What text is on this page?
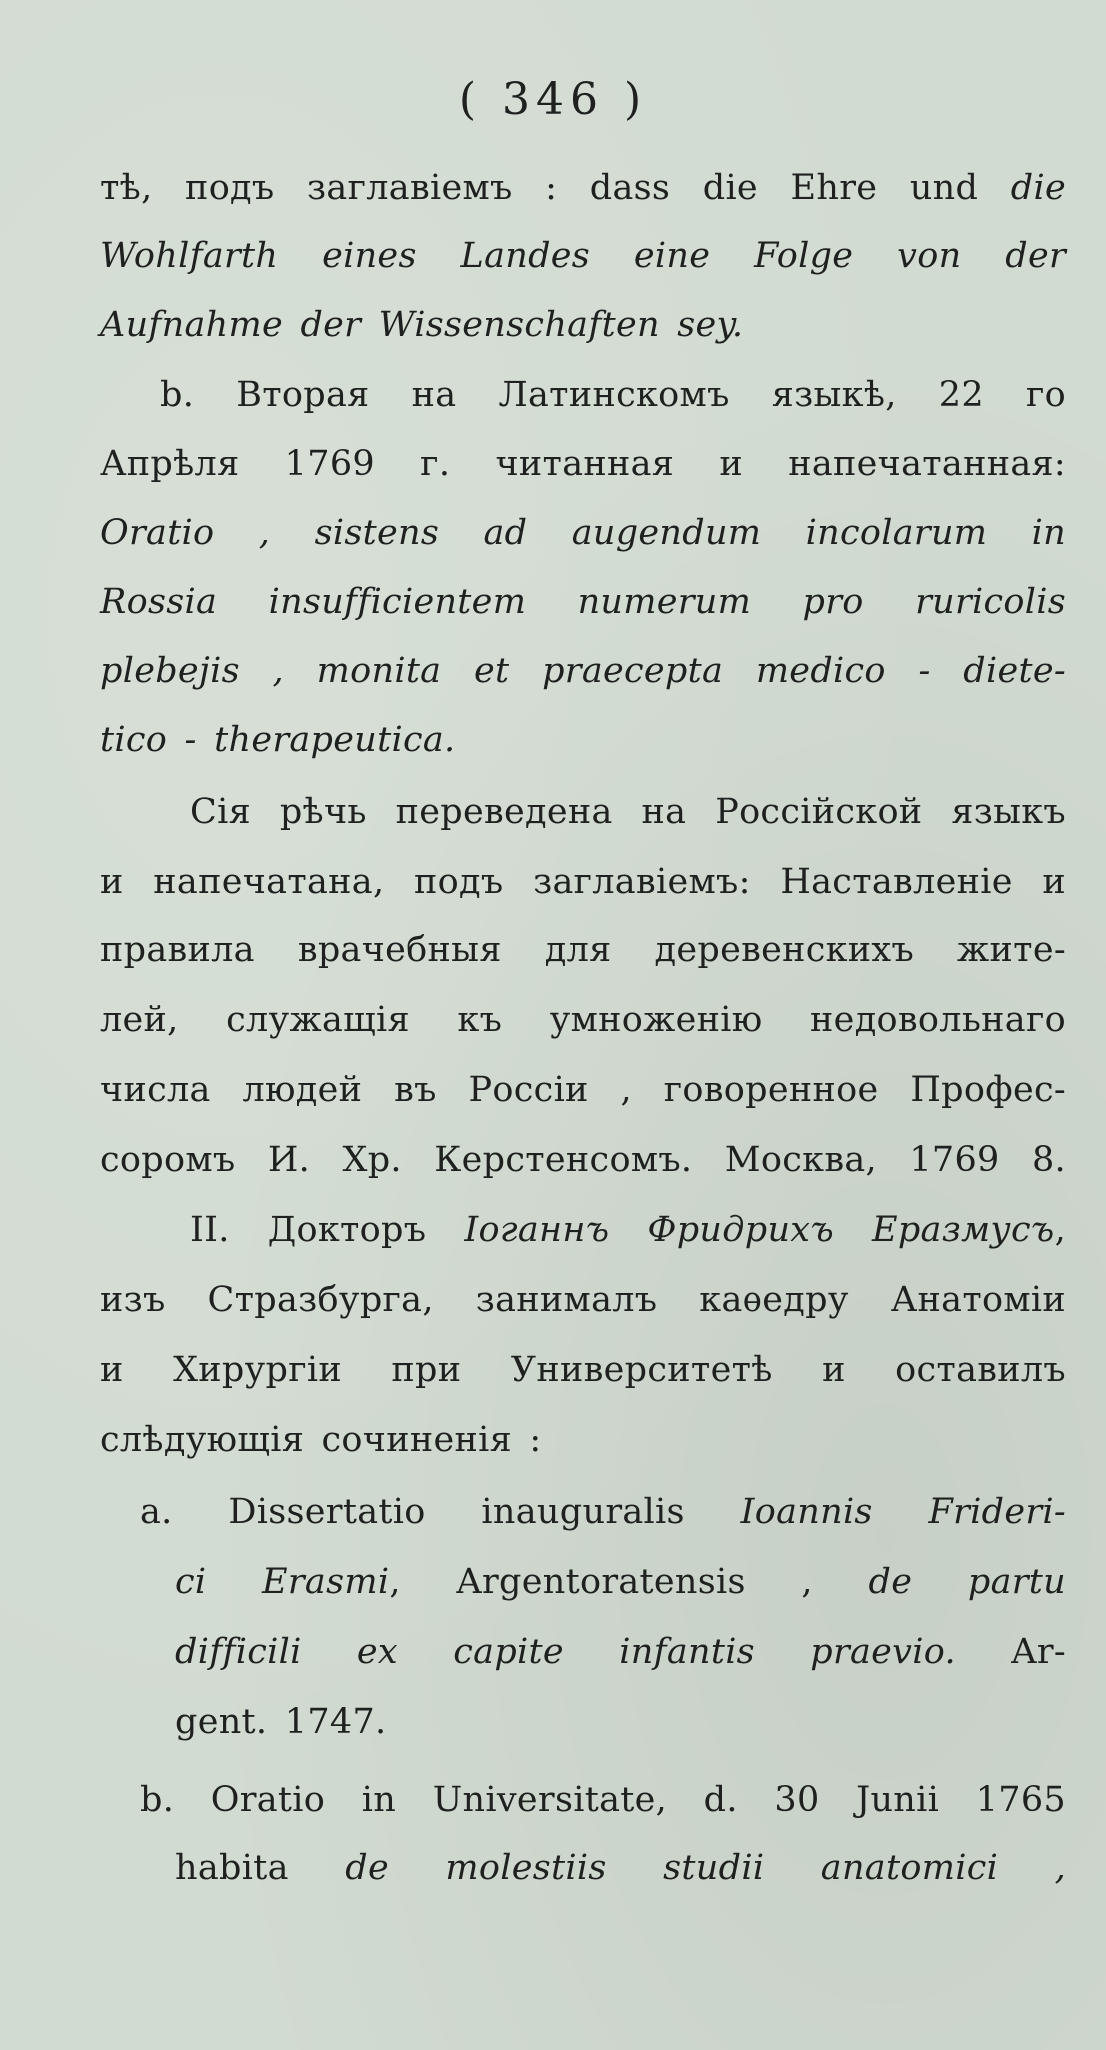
( 346 )
тѣ, подъ заглавіемъ : dass die Ehre und die
Wohlfarth eines Landes eine Folge von der
Aufnahme der Wissenschaften sey.
b. Вторая на Латинскомъ языкѣ, 22 го
Апрѣля 1769 г. читанная и напечатанная:
Oratio , sistens ad augendum incolarum in
Rossia insufficientem numerum pro ruricolis
plebejis , monita et praecepta medico - diete-
tico - therapeutica.
Сія рѣчь переведена на Россійской языкъ
и напечатана, подъ заглавіемъ: Наставленіе и
правила врачебныя для деревенскихъ жите-
лей, служащія къ умноженію недовольнаго
числа людей въ Россіи , говоренное Профес-
соромъ И. Хр. Керстенсомъ. Москва, 1769 8.
II. Докторъ Iоганнъ Фридрихъ Еразмусъ,
изъ Стразбурга, занималъ каѳедру Анатоміи
и Хирургіи при Университетѣ и оставилъ
слѣдующія сочиненія :
a. Dissertatio inauguralis Ioannis Frideri-
ci Erasmi, Argentoratensis , de partu
difficili ex capite infantis praevio. Ar-
gent. 1747.
b. Oratio in Universitate, d. 30 Junii 1765
habita de molestiis studii anatomici ,
